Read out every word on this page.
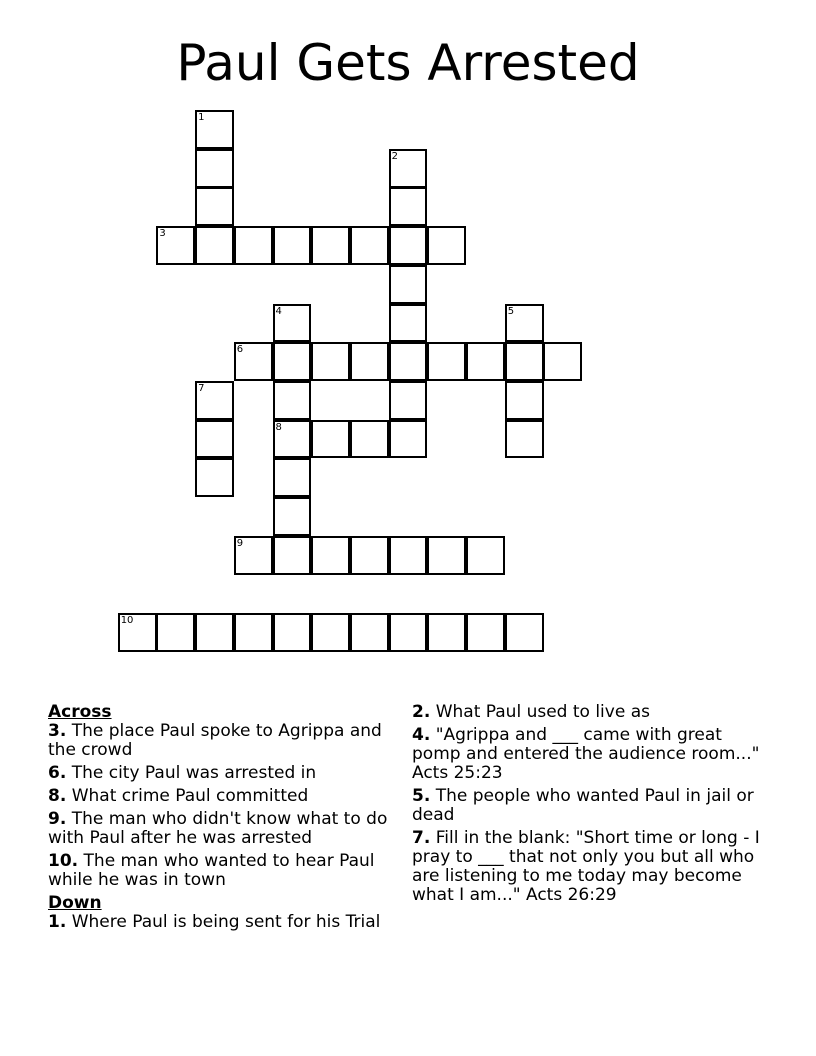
Paul Gets Arrested
1
2
3
4	5
6
7
8
9
10
Across
3. The place Paul spoke to Agrippa and the crowd
6. The city Paul was arrested in
8. What crime Paul committed
9. The man who didn't know what to do with Paul after he was arrested
10. The man who wanted to hear Paul while he was in town
Down
1. Where Paul is being sent for his Trial
2. What Paul used to live as
4. "Agrippa and ___ came with great pomp and entered the audience room..." Acts 25:23
5. The people who wanted Paul in jail or dead
7. Fill in the blank: "Short time or long - I pray to ___ that not only you but all who are listening to me today may become what I am..." Acts 26:29
